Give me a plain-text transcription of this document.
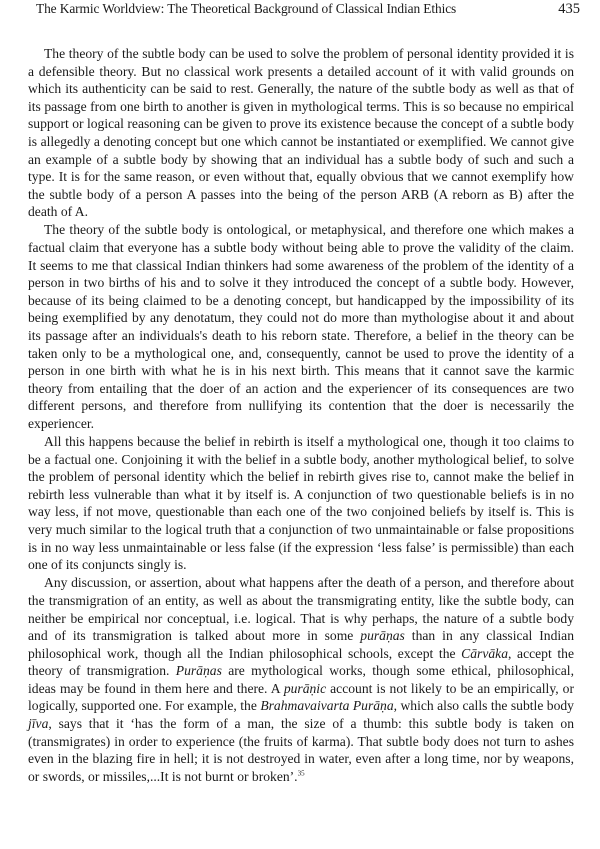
The Karmic Worldview: The Theoretical Background of Classical Indian Ethics	435

The theory of the subtle body can be used to solve the problem of personal identity provided it is a defensible theory. But no classical work presents a detailed account of it with valid grounds on which its authenticity can be said to rest. Generally, the nature of the subtle body as well as that of its passage from one birth to another is given in mythological terms. This is so because no empirical support or logical reasoning can be given to prove its existence because the concept of a subtle body is allegedly a denoting concept but one which cannot be instantiated or exemplified. We cannot give an example of a subtle body by showing that an individual has a subtle body of such and such a type. It is for the same reason, or even without that, equally obvious that we cannot exemplify how the subtle body of a person A passes into the being of the person ARB (A reborn as B) after the death of A.

The theory of the subtle body is ontological, or metaphysical, and therefore one which makes a factual claim that everyone has a subtle body without being able to prove the validity of the claim. It seems to me that classical Indian thinkers had some awareness of the problem of the identity of a person in two births of his and to solve it they introduced the concept of a subtle body. However, because of its being claimed to be a denoting concept, but handicapped by the impossibility of its being exemplified by any denotatum, they could not do more than mythologise about it and about its passage after an individuals's death to his reborn state. Therefore, a belief in the theory can be taken only to be a mythological one, and, consequently, cannot be used to prove the identity of a person in one birth with what he is in his next birth. This means that it cannot save the karmic theory from entailing that the doer of an action and the experiencer of its consequences are two different persons, and therefore from nullifying its contention that the doer is necessarily the experiencer.

All this happens because the belief in rebirth is itself a mythological one, though it too claims to be a factual one. Conjoining it with the belief in a subtle body, another mythological belief, to solve the problem of personal identity which the belief in rebirth gives rise to, cannot make the belief in rebirth less vulnerable than what it by itself is. A conjunction of two questionable beliefs is in no way less, if not move, questionable than each one of the two conjoined beliefs by itself is. This is very much similar to the logical truth that a conjunction of two unmaintainable or false propositions is in no way less unmaintainable or less false (if the expression ‘less false’ is permissible) than each one of its conjuncts singly is.

Any discussion, or assertion, about what happens after the death of a person, and therefore about the transmigration of an entity, as well as about the transmigrating entity, like the subtle body, can neither be empirical nor conceptual, i.e. logical. That is why perhaps, the nature of a subtle body and of its transmigration is talked about more in some purāṇas than in any classical Indian philosophical work, though all the Indian philosophical schools, except the Cārvāka, accept the theory of transmigration. Purāṇas are mythological works, though some ethical, philosophical, ideas may be found in them here and there. A purāṇic account is not likely to be an empirically, or logically, supported one. For example, the Brahmavaivarta Purāṇa, which also calls the subtle body jīva, says that it ‘has the form of a man, the size of a thumb: this subtle body is taken on (transmigrates) in order to experience (the fruits of karma). That subtle body does not turn to ashes even in the blazing fire in hell; it is not destroyed in water, even after a long time, nor by weapons, or swords, or missiles,...It is not burnt or broken’.$^{35}$
